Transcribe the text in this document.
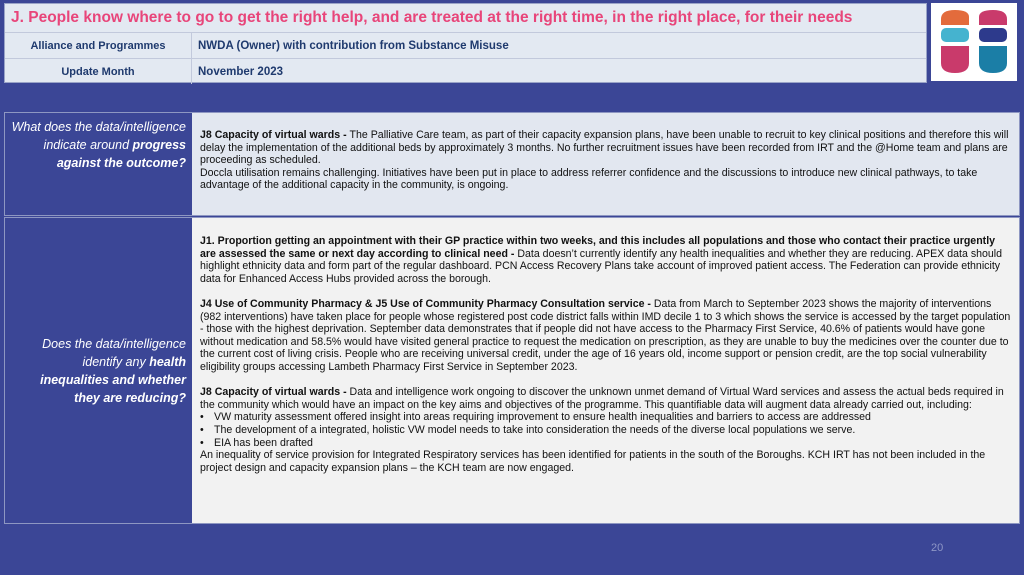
J. People know where to go to get the right help, and are treated at the right time, in the right place, for their needs
Alliance and Programmes	NWDA (Owner) with contribution from Substance Misuse
Update Month	November 2023
What does the data/intelligence indicate around progress against the outcome?

J8 Capacity of virtual wards - The Palliative Care team, as part of their capacity expansion plans, have been unable to recruit to key clinical positions and therefore this will delay the implementation of the additional beds by approximately 3 months. No further recruitment issues have been recorded from IRT and the @Home team and plans are proceeding as scheduled.

Doccla utilisation remains challenging. Initiatives have been put in place to address referrer confidence and the discussions to introduce new clinical pathways, to take advantage of the additional capacity in the community, is ongoing.

Does the data/intelligence identify any health inequalities and whether they are reducing?

J1. Proportion getting an appointment with their GP practice within two weeks, and this includes all populations and those who contact their practice urgently are assessed the same or next day according to clinical need - Data doesn’t currently identify any health inequalities and whether they are reducing. APEX data should highlight ethnicity data and form part of the regular dashboard. PCN Access Recovery Plans take account of improved patient access. The Federation can provide ethnicity data for Enhanced Access Hubs provided across the borough.

J4 Use of Community Pharmacy & J5 Use of Community Pharmacy Consultation service - Data from March to September 2023 shows the majority of interventions (982 interventions) have taken place for people whose registered post code district falls within IMD decile 1 to 3 which shows the service is accessed by the target population - those with the highest deprivation. September data demonstrates that if people did not have access to the Pharmacy First Service, 40.6% of patients would have gone without medication and 58.5% would have visited general practice to request the medication on prescription, as they are unable to buy the medicines over the counter due to the current cost of living crisis. People who are receiving universal credit, under the age of 16 years old, income support or pension credit, are the top social vulnerability eligibility groups accessing Lambeth Pharmacy First Service in September 2023.

J8 Capacity of virtual wards - Data and intelligence work ongoing to discover the unknown unmet demand of Virtual Ward services and assess the actual beds required in the community which would have an impact on the key aims and objectives of the programme. This quantifiable data will augment data already carried out, including:

• VW maturity assessment offered insight into areas requiring improvement to ensure health inequalities and barriers to access are addressed
• The development of a integrated, holistic VW model needs to take into consideration the needs of the diverse local populations we serve.
• EIA has been drafted

An inequality of service provision for Integrated Respiratory services has been identified for patients in the south of the Boroughs. KCH IRT has not been included in the project design and capacity expansion plans – the KCH team are now engaged.

20
